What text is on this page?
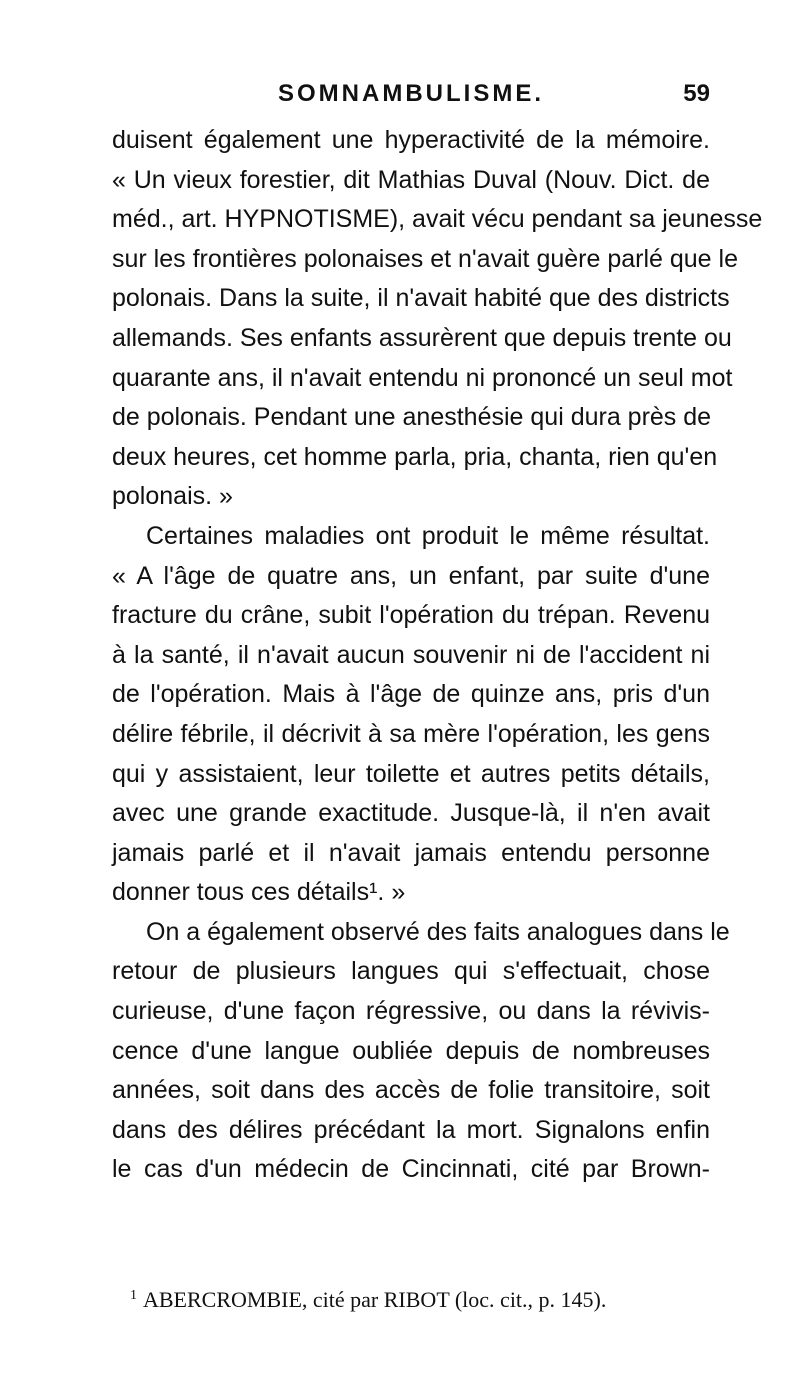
SOMNAMBULISME.	59
duisent également une hyperactivité de la mémoire.
« Un vieux forestier, dit Mathias Duval (Nouv. Dict. de
méd., art. HYPNOTISME), avait vécu pendant sa jeunesse
sur les frontières polonaises et n'avait guère parlé que le
polonais. Dans la suite, il n'avait habité que des districts
allemands. Ses enfants assurèrent que depuis trente ou
quarante ans, il n'avait entendu ni prononcé un seul mot
de polonais. Pendant une anesthésie qui dura près de
deux heures, cet homme parla, pria, chanta, rien qu'en
polonais. »
Certaines maladies ont produit le même résultat.
« A l'âge de quatre ans, un enfant, par suite d'une
fracture du crâne, subit l'opération du trépan. Revenu
à la santé, il n'avait aucun souvenir ni de l'accident ni
de l'opération. Mais à l'âge de quinze ans, pris d'un
délire fébrile, il décrivit à sa mère l'opération, les gens
qui y assistaient, leur toilette et autres petits détails,
avec une grande exactitude. Jusque-là, il n'en avait
jamais parlé et il n'avait jamais entendu personne
donner tous ces détails¹. »
On a également observé des faits analogues dans le
retour de plusieurs langues qui s'effectuait, chose
curieuse, d'une façon régressive, ou dans la révivis-
cence d'une langue oubliée depuis de nombreuses
années, soit dans des accès de folie transitoire, soit
dans des délires précédant la mort. Signalons enfin
le cas d'un médecin de Cincinnati, cité par Brown-
$^1$ ABERCROMBIE, cité par RIBOT (loc. cit., p. 145).
